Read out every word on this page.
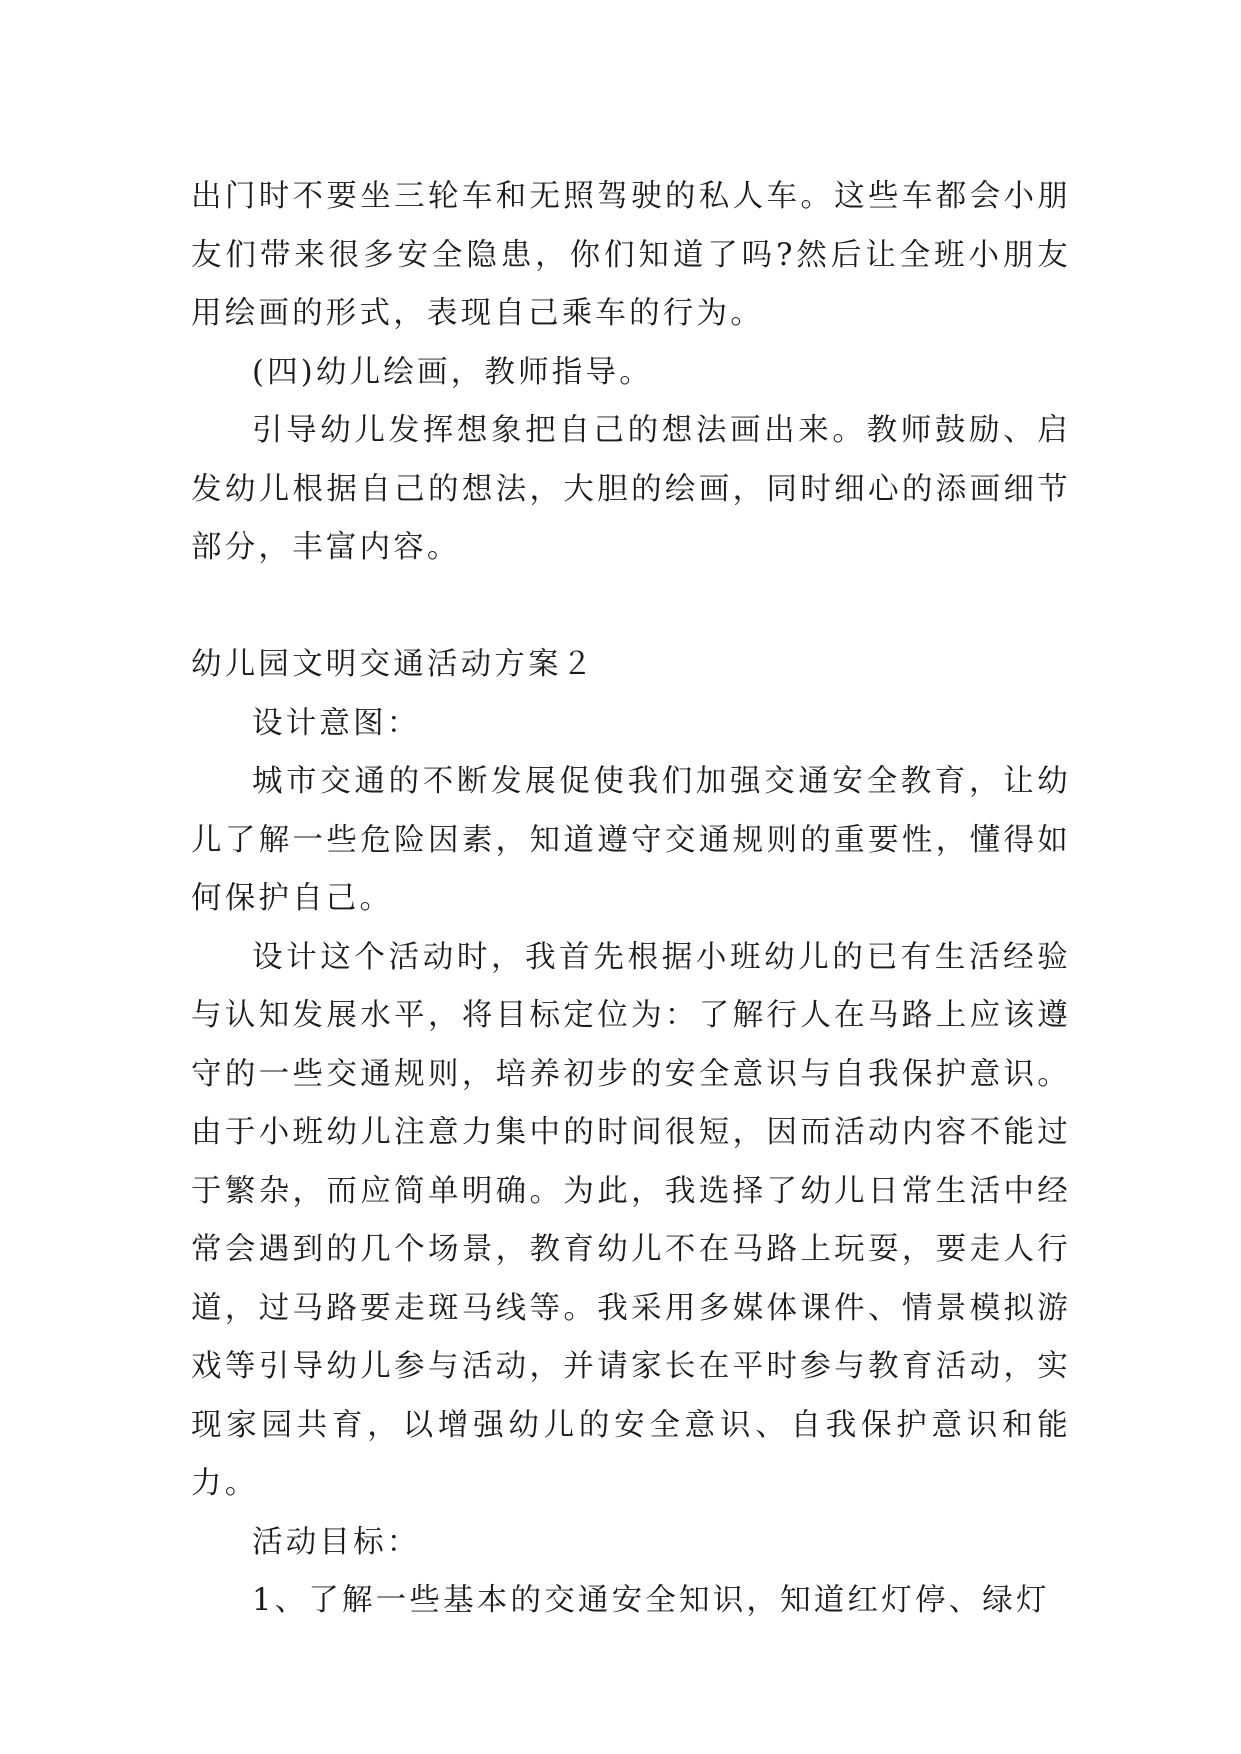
出门时不要坐三轮车和无照驾驶的私人车。这些车都会小朋友们带来很多安全隐患，你们知道了吗?然后让全班小朋友用绘画的形式，表现自己乘车的行为。

(四)幼儿绘画，教师指导。

引导幼儿发挥想象把自己的想法画出来。教师鼓励、启发幼儿根据自己的想法，大胆的绘画，同时细心的添画细节部分，丰富内容。

幼儿园文明交通活动方案２

设计意图：

城市交通的不断发展促使我们加强交通安全教育，让幼儿了解一些危险因素，知道遵守交通规则的重要性，懂得如何保护自己。

设计这个活动时，我首先根据小班幼儿的已有生活经验与认知发展水平，将目标定位为：了解行人在马路上应该遵守的一些交通规则，培养初步的安全意识与自我保护意识。由于小班幼儿注意力集中的时间很短，因而活动内容不能过于繁杂，而应简单明确。为此，我选择了幼儿日常生活中经常会遇到的几个场景，教育幼儿不在马路上玩耍，要走人行道，过马路要走斑马线等。我采用多媒体课件、情景模拟游戏等引导幼儿参与活动，并请家长在平时参与教育活动，实现家园共育，以增强幼儿的安全意识、自我保护意识和能力。

活动目标：

1、了解一些基本的交通安全知识，知道红灯停、绿灯
